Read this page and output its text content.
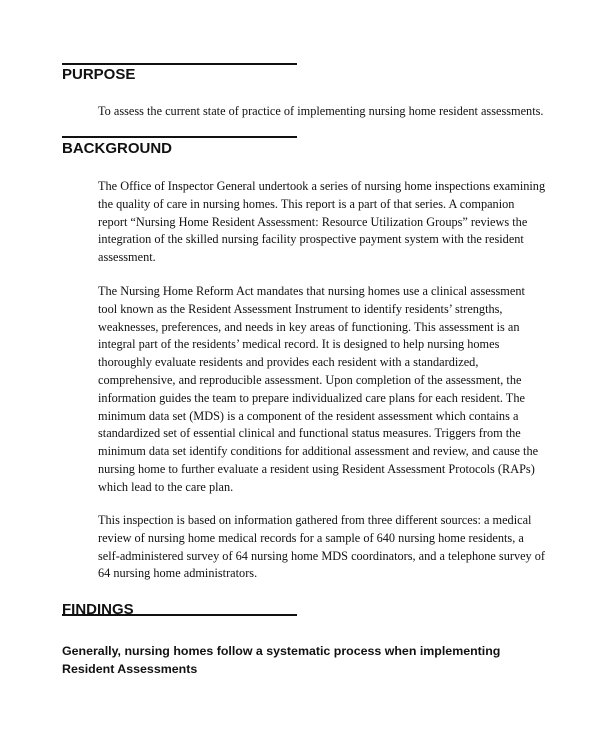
PURPOSE

To assess the current state of practice of implementing nursing home resident assessments.

BACKGROUND

The Office of Inspector General undertook a series of nursing home inspections examining
the quality of care in nursing homes. This report is a part of that series. A companion
report “Nursing Home Resident Assessment: Resource Utilization Groups” reviews the
integration of the skilled nursing facility prospective payment system with the resident
assessment.

The Nursing Home Reform Act mandates that nursing homes use a clinical assessment
tool known as the Resident Assessment Instrument to identify residents’ strengths,
weaknesses, preferences, and needs in key areas of functioning. This assessment is an
integral part of the residents’ medical record. It is designed to help nursing homes
thoroughly evaluate residents and provides each resident with a standardized,
comprehensive, and reproducible assessment. Upon completion of the assessment, the
information guides the team to prepare individualized care plans for each resident. The
minimum data set (MDS) is a component of the resident assessment which contains a
standardized set of essential clinical and functional status measures. Triggers from the
minimum data set identify conditions for additional assessment and review, and cause the
nursing home to further evaluate a resident using Resident Assessment Protocols (RAPs)
which lead to the care plan.

This inspection is based on information gathered from three different sources: a medical
review of nursing home medical records for a sample of 640 nursing home residents, a
self-administered survey of 64 nursing home MDS coordinators, and a telephone survey of
64 nursing home administrators.

FINDINGS

Generally, nursing homes follow a systematic process when implementing
Resident Assessments
